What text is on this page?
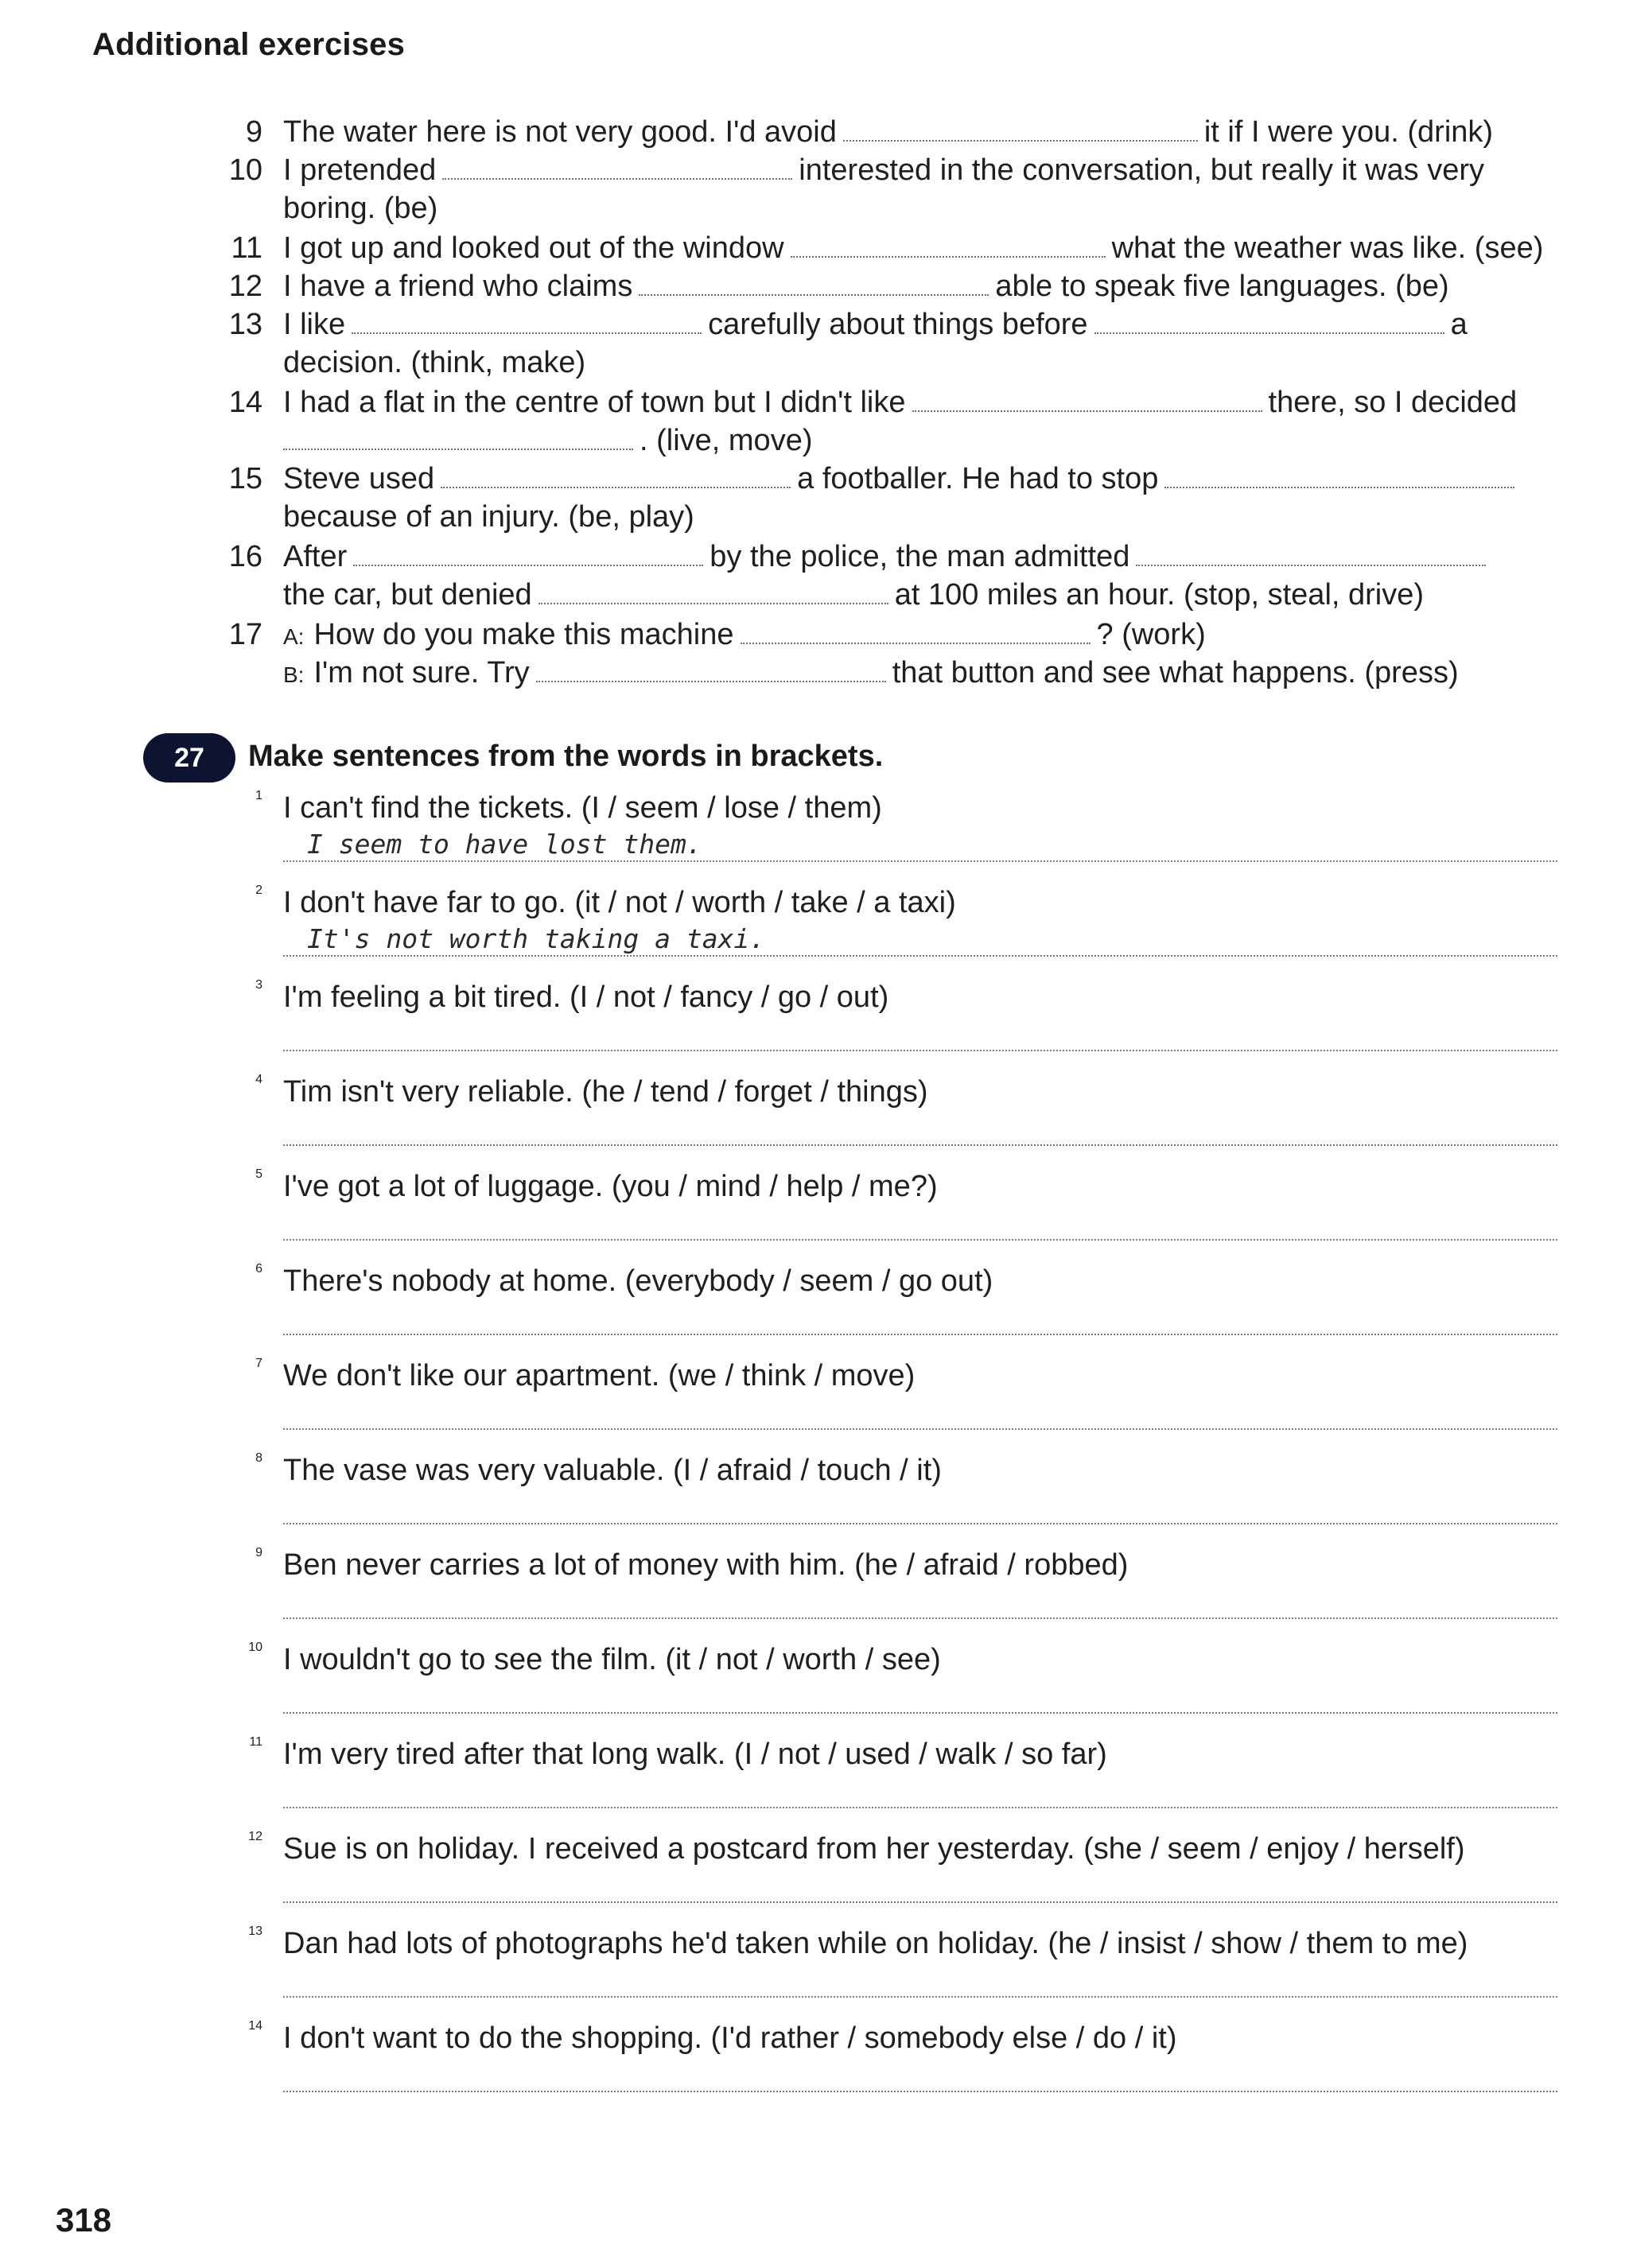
Additional exercises
9 The water here is not very good. I'd avoid	it if I were you. (drink)
10 I pretended	interested in the conversation, but really it was very
boring. (be)
11 I got up and looked out of the window	what the weather was like. (see)
12 I have a friend who claims	able to speak five languages. (be)
13 I like	carefully about things before	a
decision. (think, make)
14 I had a flat in the centre of town but I didn't like	there, so I decided
. (live, move)
15 Steve used	a footballer. He had to stop
because of an injury. (be, play)
16 After	by the police, the man admitted
the car, but denied	at 100 miles an hour. (stop, steal, drive)
17 A: How do you make this machine	? (work)
B: I'm not sure. Try	that button and see what happens. (press)
27	Make sentences from the words in brackets.
1 I can't find the tickets. (I / seem / lose / them)
I seem to have lost them.
2 I don't have far to go. (it / not / worth / take / a taxi)
It's not worth taking a taxi.
3 I'm feeling a bit tired. (I / not / fancy / go / out)
4 Tim isn't very reliable. (he / tend / forget / things)
5 I've got a lot of luggage. (you / mind / help / me?)
6 There's nobody at home. (everybody / seem / go out)
7 We don't like our apartment. (we / think / move)
8 The vase was very valuable. (I / afraid / touch / it)
9 Ben never carries a lot of money with him. (he / afraid / robbed)
10 I wouldn't go to see the film. (it / not / worth / see)
11 I'm very tired after that long walk. (I / not / used / walk / so far)
12 Sue is on holiday. I received a postcard from her yesterday. (she / seem / enjoy / herself)
13 Dan had lots of photographs he'd taken while on holiday. (he / insist / show / them to me)
14 I don't want to do the shopping. (I'd rather / somebody else / do / it)
318
